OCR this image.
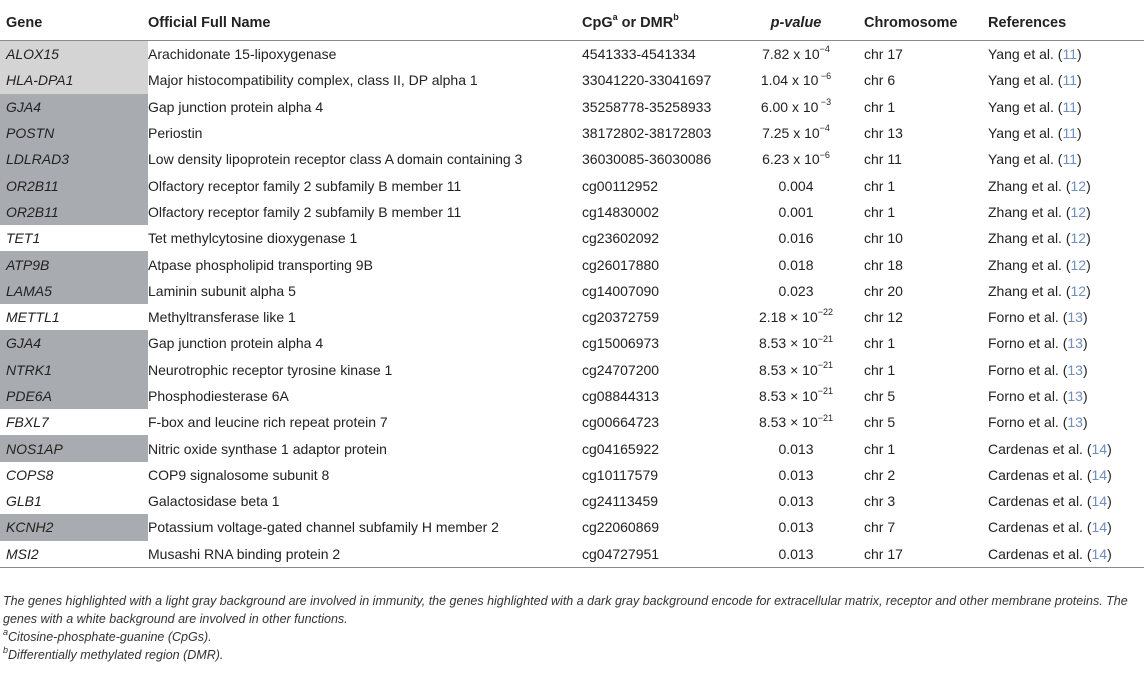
Gene	Official Full Name	CpG$^a$ or DMR$^b$	p-value	Chromosome	References
ALOX15	Arachidonate 15-lipoxygenase	4541333-4541334	7.82 x $10^{-4}$	chr 17	Yang et al. (11)
HLA-DPA1	Major histocompatibility complex, class II, DP alpha 1	33041220-33041697	1.04 x 10 $^{-6}$	chr 6	Yang et al. (11)
GJA4	Gap junction protein alpha 4	35258778-35258933	6.00 x 10 $^{-3}$	chr 1	Yang et al. (11)
POSTN	Periostin	38172802-38172803	7.25 x $10^{-4}$	chr 13	Yang et al. (11)
LDLRAD3	Low density lipoprotein receptor class A domain containing 3	36030085-36030086	6.23 x $10^{-6}$	chr 11	Yang et al. (11)
OR2B11	Olfactory receptor family 2 subfamily B member 11	cg00112952	0.004	chr 1	Zhang et al. (12)
OR2B11	Olfactory receptor family 2 subfamily B member 11	cg14830002	0.001	chr 1	Zhang et al. (12)
TET1	Tet methylcytosine dioxygenase 1	cg23602092	0.016	chr 10	Zhang et al. (12)
ATP9B	Atpase phospholipid transporting 9B	cg26017880	0.018	chr 18	Zhang et al. (12)
LAMA5	Laminin subunit alpha 5	cg14007090	0.023	chr 20	Zhang et al. (12)
METTL1	Methyltransferase like 1	cg20372759	$2.18 \times 10^{-22}$	chr 12	Forno et al. (13)
GJA4	Gap junction protein alpha 4	cg15006973	$8.53 \times 10^{-21}$	chr 1	Forno et al. (13)
NTRK1	Neurotrophic receptor tyrosine kinase 1	cg24707200	$8.53 \times 10^{-21}$	chr 1	Forno et al. (13)
PDE6A	Phosphodiesterase 6A	cg08844313	$8.53 \times 10^{-21}$	chr 5	Forno et al. (13)
FBXL7	F-box and leucine rich repeat protein 7	cg00664723	$8.53 \times 10^{-21}$	chr 5	Forno et al. (13)
NOS1AP	Nitric oxide synthase 1 adaptor protein	cg04165922	0.013	chr 1	Cardenas et al. (14)
COPS8	COP9 signalosome subunit 8	cg10117579	0.013	chr 2	Cardenas et al. (14)
GLB1	Galactosidase beta 1	cg24113459	0.013	chr 3	Cardenas et al. (14)
KCNH2	Potassium voltage-gated channel subfamily H member 2	cg22060869	0.013	chr 7	Cardenas et al. (14)
MSI2	Musashi RNA binding protein 2	cg04727951	0.013	chr 17	Cardenas et al. (14)

The genes highlighted with a light gray background are involved in immunity, the genes highlighted with a dark gray background encode for extracellular matrix, receptor and other membrane proteins. The genes with a white background are involved in other functions.

$^a$Citosine-phosphate-guanine (CpGs).

$^b$Differentially methylated region (DMR).
